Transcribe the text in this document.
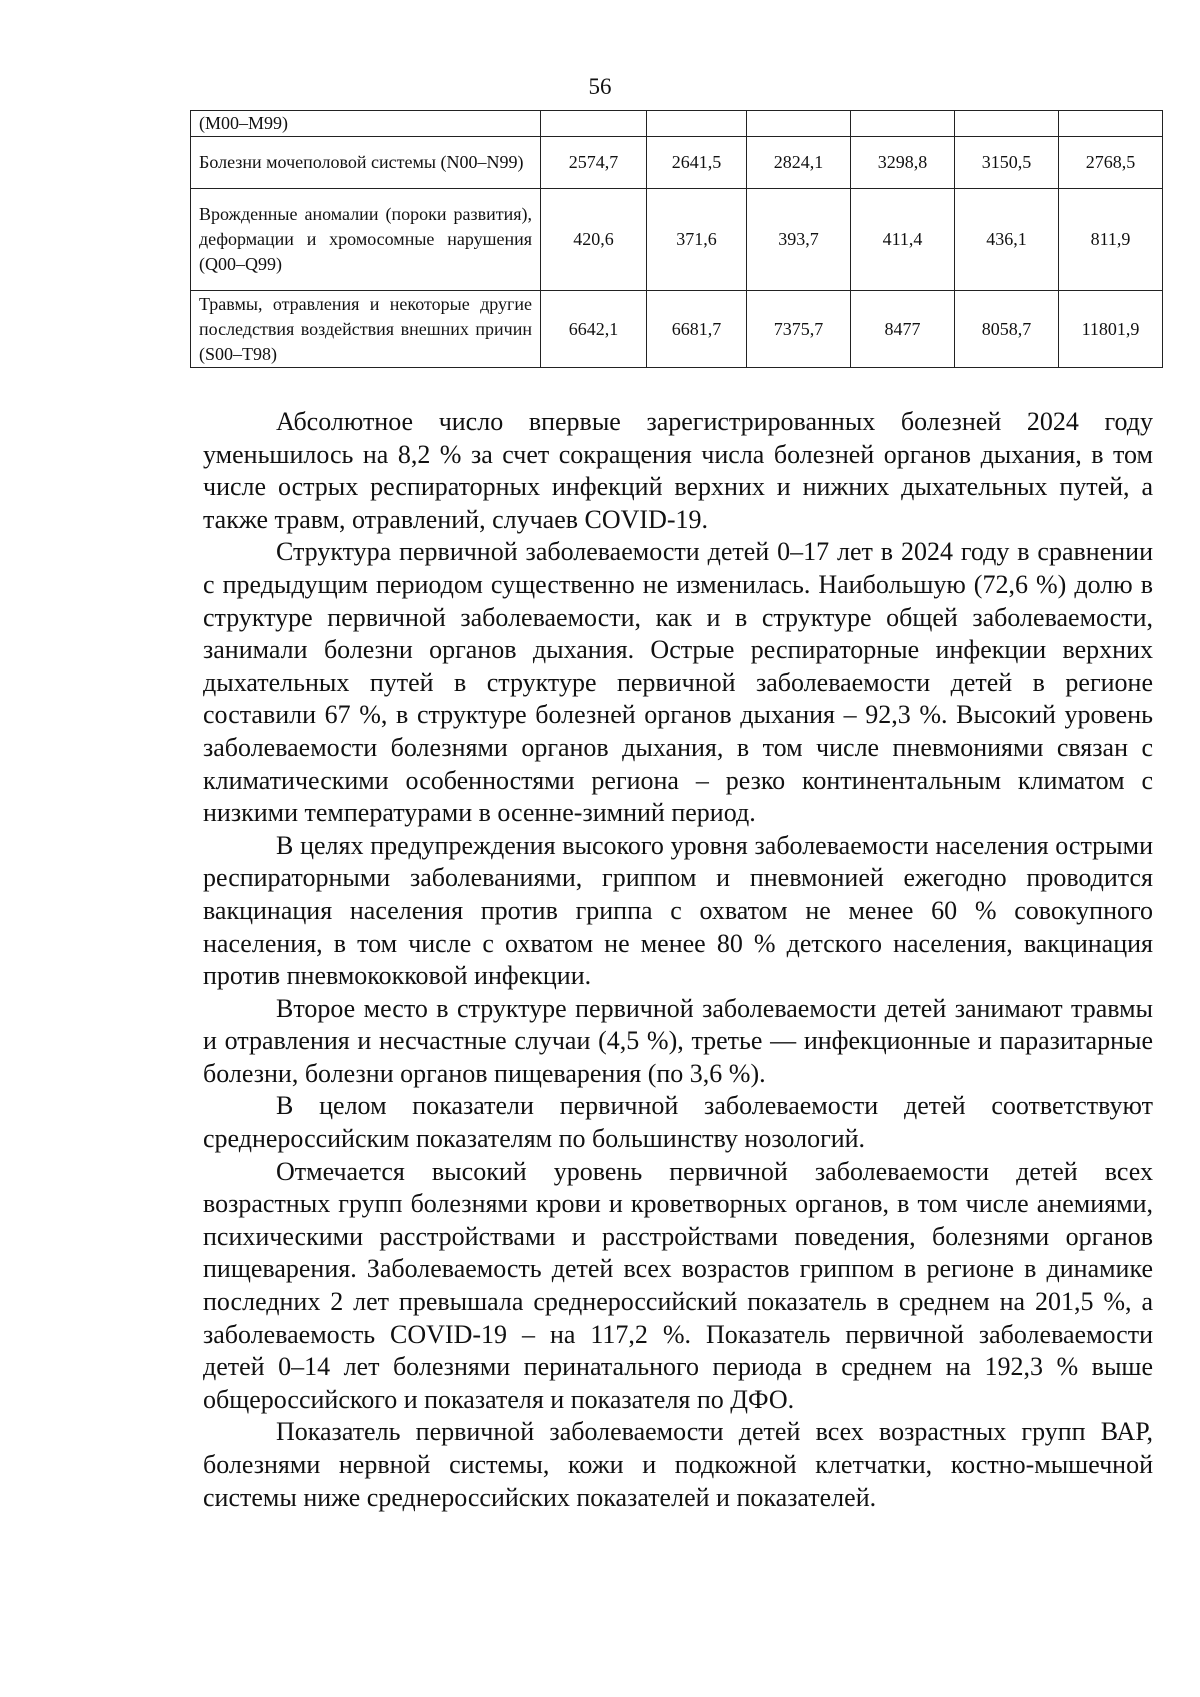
56
(M00–M99)						
Болезни мочеполовой системы (N00–N99)	2574,7	2641,5	2824,1	3298,8	3150,5	2768,5
Врожденные аномалии (пороки развития), деформации и хромосомные нарушения (Q00–Q99)	420,6	371,6	393,7	411,4	436,1	811,9
Травмы, отравления и некоторые другие последствия воздействия внешних причин (S00–T98)	6642,1	6681,7	7375,7	8477	8058,7	11801,9

Абсолютное число впервые зарегистрированных болезней 2024 году уменьшилось на 8,2 % за счет сокращения числа болезней органов дыхания, в том числе острых респираторных инфекций верхних и нижних дыхательных путей, а также травм, отравлений, случаев COVID-19.

Структура первичной заболеваемости детей 0–17 лет в 2024 году в сравнении с предыдущим периодом существенно не изменилась. Наибольшую (72,6 %) долю в структуре первичной заболеваемости, как и в структуре общей заболеваемости, занимали болезни органов дыхания. Острые респираторные инфекции верхних дыхательных путей в структуре первичной заболеваемости детей в регионе составили 67 %, в структуре болезней органов дыхания – 92,3 %. Высокий уровень заболеваемости болезнями органов дыхания, в том числе пневмониями связан с климатическими особенностями региона – резко континентальным климатом с низкими температурами в осенне-зимний период.

В целях предупреждения высокого уровня заболеваемости населения острыми респираторными заболеваниями, гриппом и пневмонией ежегодно проводится вакцинация населения против гриппа с охватом не менее 60 % совокупного населения, в том числе с охватом не менее 80 % детского населения, вакцинация против пневмококковой инфекции.

Второе место в структуре первичной заболеваемости детей занимают травмы и отравления и несчастные случаи (4,5 %), третье — инфекционные и паразитарные болезни, болезни органов пищеварения (по 3,6 %).

В целом показатели первичной заболеваемости детей соответствуют среднероссийским показателям по большинству нозологий.

Отмечается высокий уровень первичной заболеваемости детей всех возрастных групп болезнями крови и кроветворных органов, в том числе анемиями, психическими расстройствами и расстройствами поведения, болезнями органов пищеварения. Заболеваемость детей всех возрастов гриппом в регионе в динамике последних 2 лет превышала среднероссийский показатель в среднем на 201,5 %, а заболеваемость COVID-19 – на 117,2 %. Показатель первичной заболеваемости детей 0–14 лет болезнями перинатального периода в среднем на 192,3 % выше общероссийского и показателя и показателя по ДФО.

Показатель первичной заболеваемости детей всех возрастных групп ВАР, болезнями нервной системы, кожи и подкожной клетчатки, костно-мышечной системы ниже среднероссийских показателей и показателей.
